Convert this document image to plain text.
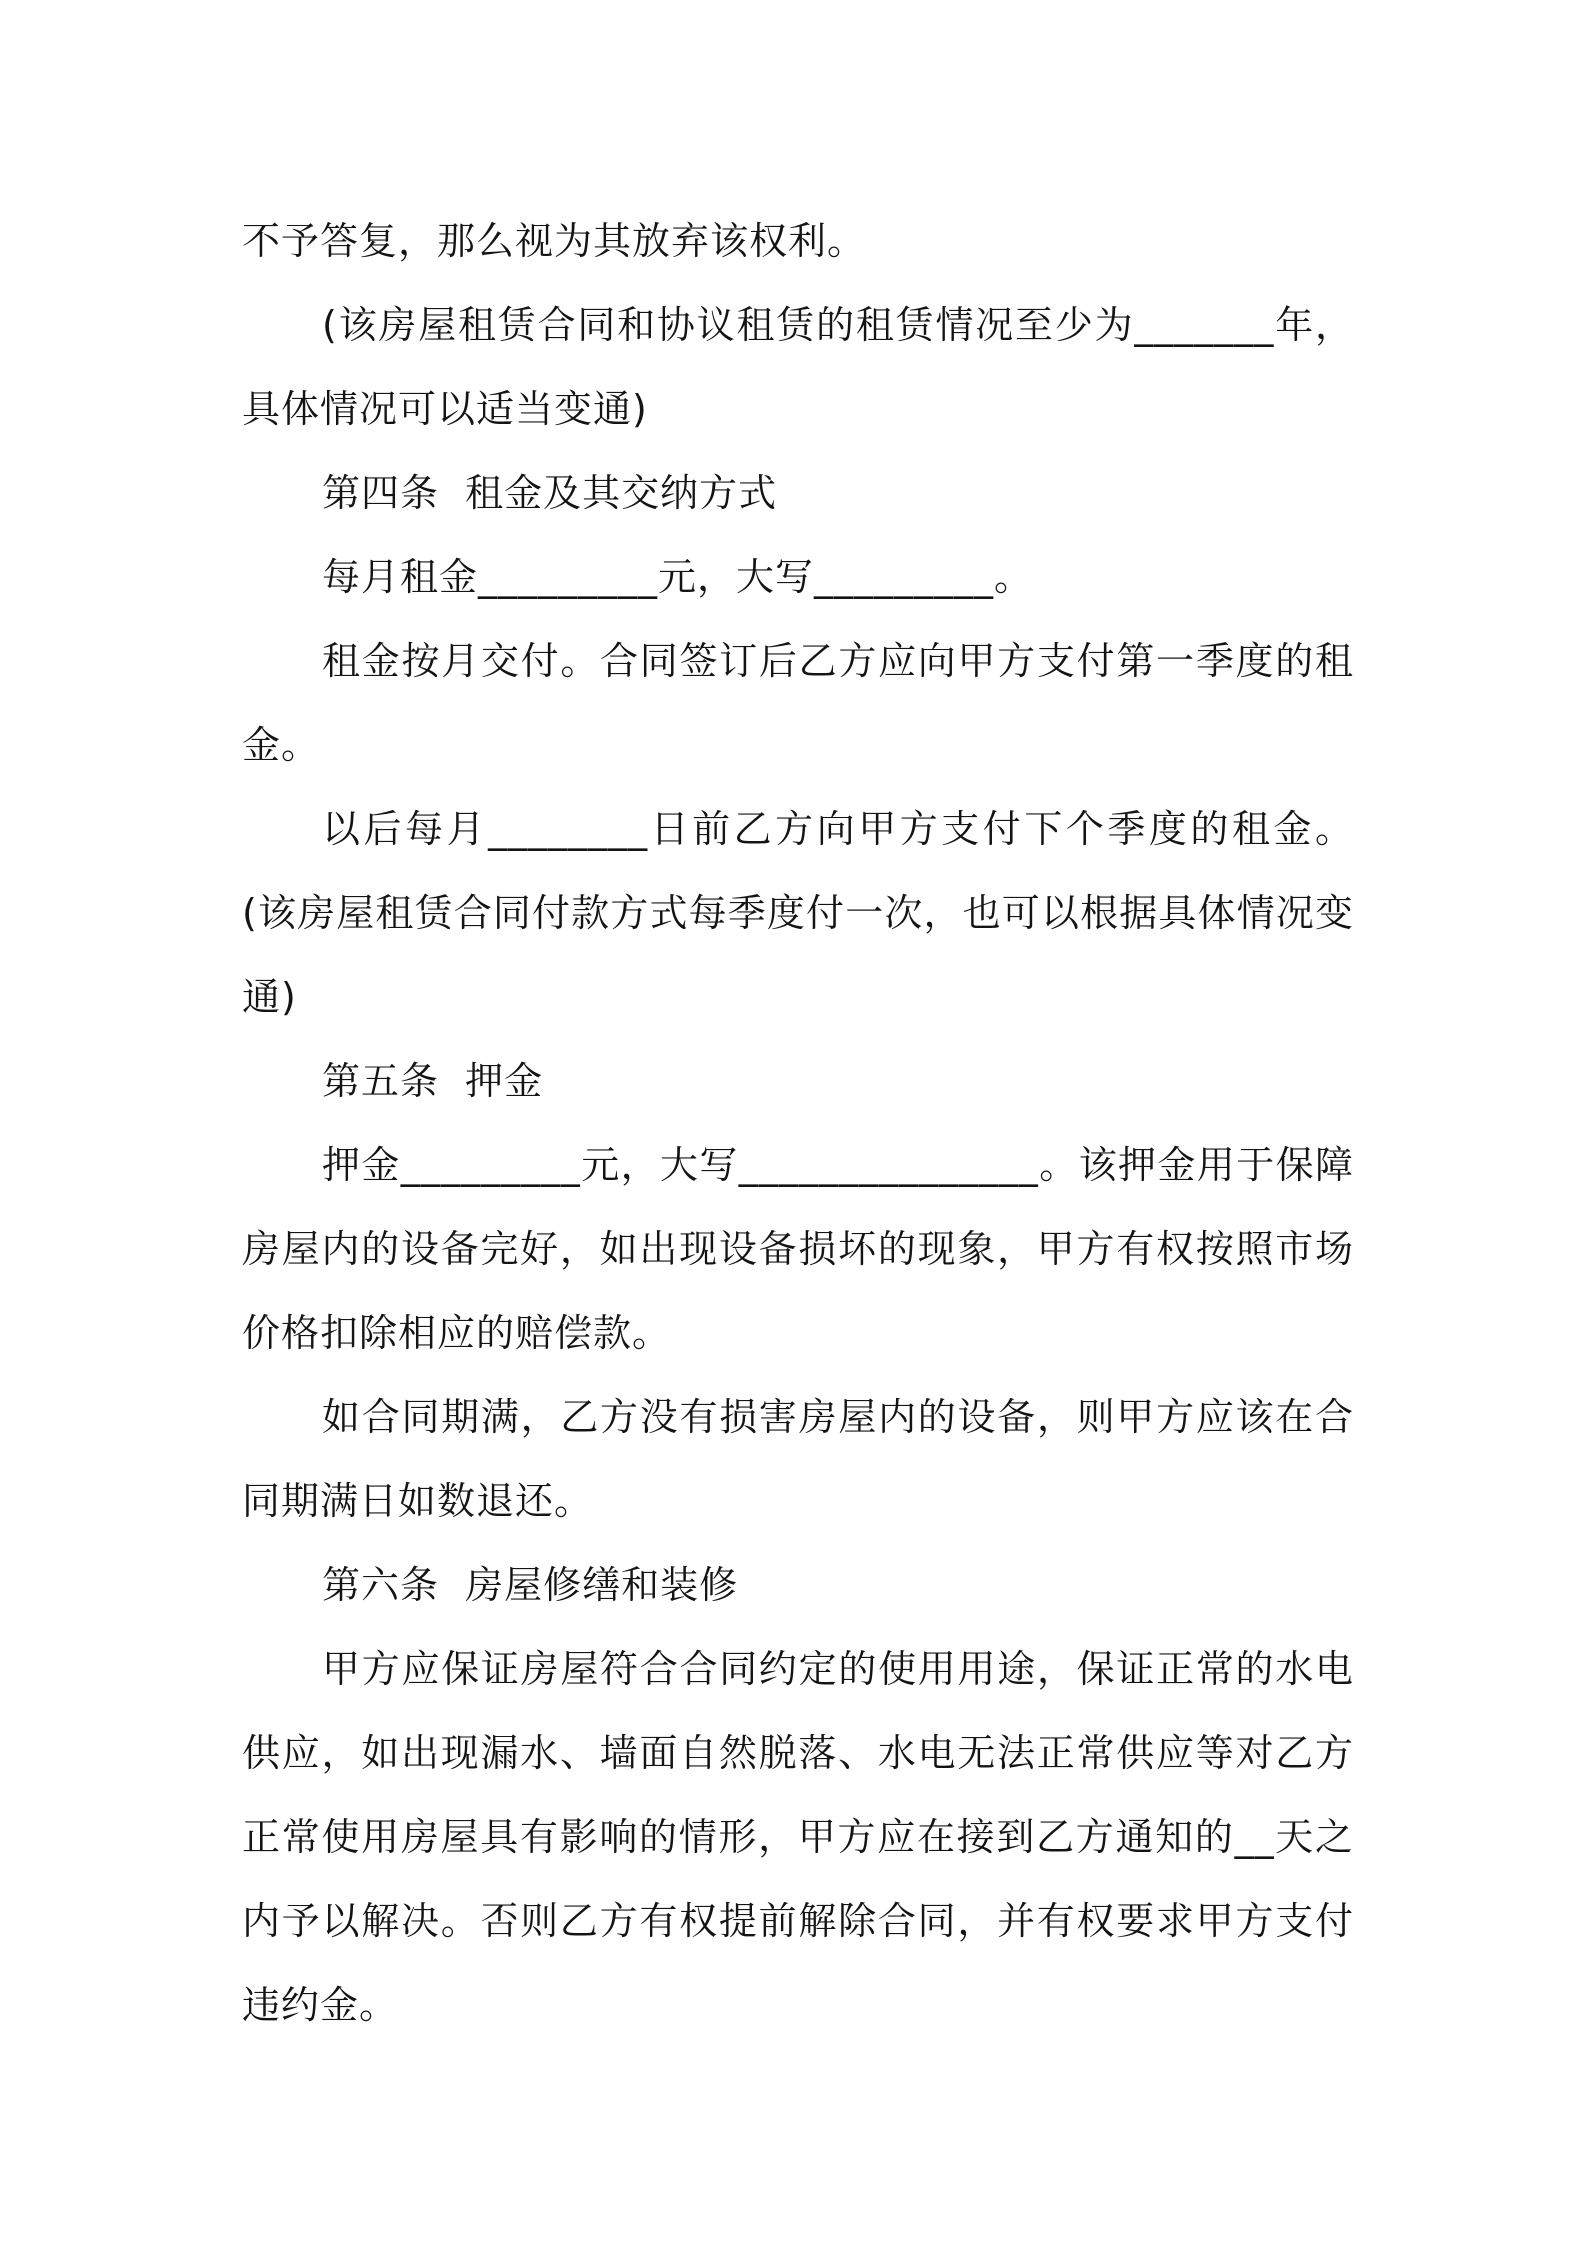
不予答复，那么视为其放弃该权利。

(该房屋租赁合同和协议租赁的租赁情况至少为_______年，具体情况可以适当变通)

第四条  租金及其交纳方式

每月租金_________元，大写_________。

租金按月交付。合同签订后乙方应向甲方支付第一季度的租金。

以后每月________日前乙方向甲方支付下个季度的租金。(该房屋租赁合同付款方式每季度付一次，也可以根据具体情况变通)

第五条  押金

押金_________元，大写_______________。该押金用于保障房屋内的设备完好，如出现设备损坏的现象，甲方有权按照市场价格扣除相应的赔偿款。

如合同期满，乙方没有损害房屋内的设备，则甲方应该在合同期满日如数退还。

第六条  房屋修缮和装修

甲方应保证房屋符合合同约定的使用用途，保证正常的水电供应，如出现漏水、墙面自然脱落、水电无法正常供应等对乙方正常使用房屋具有影响的情形，甲方应在接到乙方通知的__天之内予以解决。否则乙方有权提前解除合同，并有权要求甲方支付违约金。
